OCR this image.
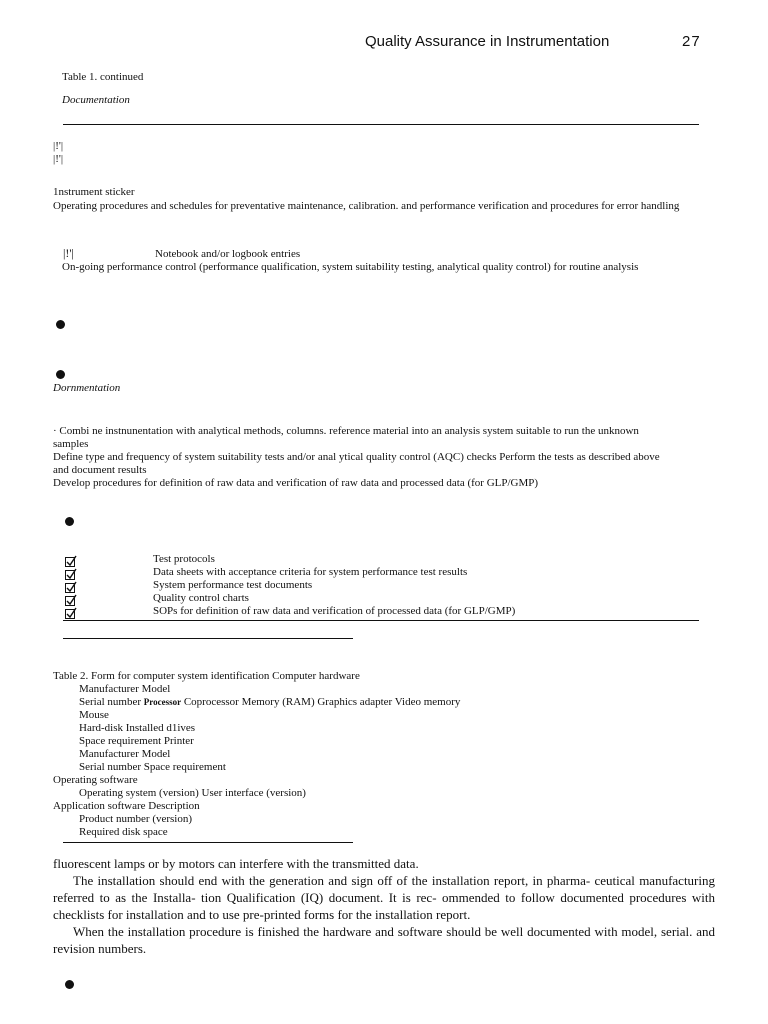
Quality Assurance in Instrumentation	27
Table 1. continued
Documentation
|!'|
|!'|
1nstrument sticker
Operating procedures and schedules for preventative maintenance, calibration. and performance verification and procedures for error handling
|!'|	Notebook and/or logbook entries
On-going performance control (performance qualification, system suitability testing, analytical quality control) for routine analysis
Dornmentation
· Combi ne instnunentation with analytical methods, columns. reference material into an analysis system suitable to run the unknown samples
Define type and frequency of system suitability tests and/or anal ytical quality control (AQC) checks Perform the tests as described above and document results
Develop procedures for definition of raw data and verification of raw data and processed data (for GLP/GMP)
Test protocols
Data sheets with acceptance criteria for system performance test results
System performance test documents
Quality control charts
SOPs for definition of raw data and verification of processed data (for GLP/GMP)
Table 2. Form for computer system identification Computer hardware
Manufacturer Model
Serial number Processor Coprocessor Memory (RAM) Graphics adapter Video memory
Mouse
Hard-disk Installed d1ives
Space requirement Printer
Manufacturer Model
Serial number Space requirement
Operating software
Operating system (version) User interface (version)
Application software Description
Product number (version)
Required disk space
fluorescent lamps or by motors can interfere with the transmitted data.
The installation should end with the generation and sign off of the installation report, in pharma- ceutical manufacturing referred to as the Installa- tion Qualification (IQ) document. It is rec- ommended to follow documented procedures with checklists for installation and to use pre-printed forms for the installation report.
When the installation procedure is finished the hardware and software should be well documented with model, serial. and revision numbers.
